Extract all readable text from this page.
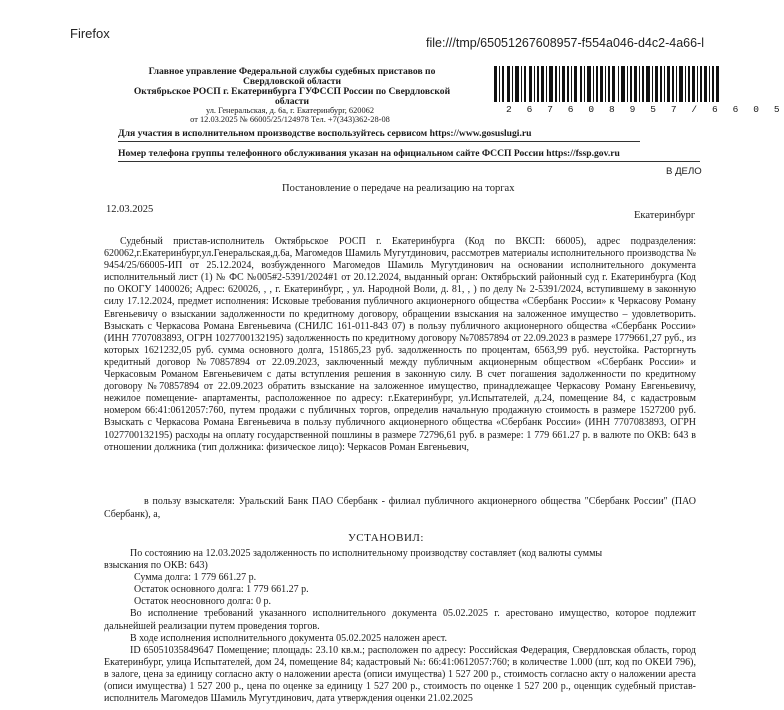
Firefox
file:///tmp/65051267608957-f554a046-d4c2-4a66-l
Главное управление Федеральной службы судебных приставов по
Свердловской области
Октябрьское РОСП г. Екатеринбурга ГУФССП России по Свердловской
области
ул. Генеральская, д. 6а, г. Екатеринбург, 620062
от 12.03.2025 № 66005/25/124978 Тел. +7(343)362-28-08
2 6 7 6 0 8 9 5 7 / 6 6 0 5
Для участия в исполнительном производстве воспользуйтесь сервисом https://www.gosuslugi.ru
Номер телефона группы телефонного обслуживания указан на официальном сайте ФССП России https://fssp.gov.ru
В ДЕЛО
Постановление о передаче на реализацию на торгах
12.03.2025
Екатеринбург
Судебный пристав-исполнитель Октябрьское РОСП г. Екатеринбурга (Код по ВКСП: 66005), адрес подразделения: 620062,г.Екатеринбург,ул.Генеральская,д.6а, Магомедов Шамиль Мугутдинович, рассмотрев материалы исполнительного производства № 9454/25/66005-ИП от 25.12.2024, возбужденного Магомедов Шамиль Мугутдинович на основании исполнительного документа исполнительный лист (1) № ФС №005#2-5391/2024#1 от 20.12.2024, выданный орган: Октябрьский районный суд г. Екатеринбурга (Код по ОКОГУ 1400026; Адрес: 620026, , , г. Екатеринбург, , ул. Народной Воли, д. 81, , ) по делу № 2-5391/2024, вступившему в законную силу 17.12.2024, предмет исполнения: Исковые требования публичного акционерного общества «Сбербанк России» к Черкасову Роману Евгеньевичу о взыскании задолженности по кредитному договору, обращении взыскания на заложенное имущество – удовлетворить. Взыскать с Черкасова Романа Евгеньевича (СНИЛС 161-011-843 07) в пользу публичного акционерного общества «Сбербанк России» (ИНН 7707083893, ОГРН 1027700132195) задолженность по кредитному договору №70857894 от 22.09.2023 в размере 1779661,27 руб., из которых 1621232,05 руб. сумма основного долга, 151865,23 руб. задолженность по процентам, 6563,99 руб. неустойка. Расторгнуть кредитный договор №70857894 от 22.09.2023, заключенный между публичным акционерным обществом «Сбербанк России» и Черкасовым Романом Евгеньевичем с даты вступления решения в законную силу. В счет погашения задолженности по кредитному договору №70857894 от 22.09.2023 обратить взыскание на заложенное имущество, принадлежащее Черкасову Роману Евгеньевичу, нежилое помещение- апартаменты, расположенное по адресу: г.Екатеринбург, ул.Испытателей, д.24, помещение 84, с кадастровым номером 66:41:0612057:760, путем продажи с публичных торгов, определив начальную продажную стоимость в размере 1527200 руб. Взыскать с Черкасова Романа Евгеньевича в пользу публичного акционерного общества «Сбербанк России» (ИНН 7707083893, ОГРН 1027700132195) расходы на оплату государственной пошлины в размере 72796,61 руб. в размере: 1 779 661.27 р. в валюте по ОКВ: 643 в отношении должника (тип должника: физическое лицо): Черкасов Роман Евгеньевич,
в пользу взыскателя: Уральский Банк ПАО Сбербанк - филиал публичного акционерного общества "Сбербанк России" (ПАО Сбербанк), а,
УСТАНОВИЛ:
По состоянию на 12.03.2025 задолженность по исполнительному производству составляет (код валюты суммы
взыскания по ОКВ: 643)
Сумма долга: 1 779 661.27 р.
Остаток основного долга: 1 779 661.27 р.
Остаток неосновного долга: 0 р.
Во исполнение требований указанного исполнительного документа 05.02.2025 г. арестовано имущество, которое подлежит дальнейшей реализации путем проведения торгов.
В ходе исполнения исполнительного документа 05.02.2025 наложен арест.
ID 65051035849647 Помещение; площадь: 23.10 кв.м.; расположен по адресу: Российская Федерация, Свердловская область, город Екатеринбург, улица Испытателей, дом 24, помещение 84; кадастровый №: 66:41:0612057:760; в количестве 1.000 (шт, код по ОКЕИ 796), в залоге, цена за единицу согласно акту о наложении ареста (описи имущества) 1 527 200 р., стоимость согласно акту о наложении ареста (описи имущества) 1 527 200 р., цена по оценке за единицу 1 527 200 р., стоимость по оценке 1 527 200 р., оценщик судебный пристав-исполнитель Магомедов Шамиль Мугутдинович, дата утверждения оценки 21.02.2025
